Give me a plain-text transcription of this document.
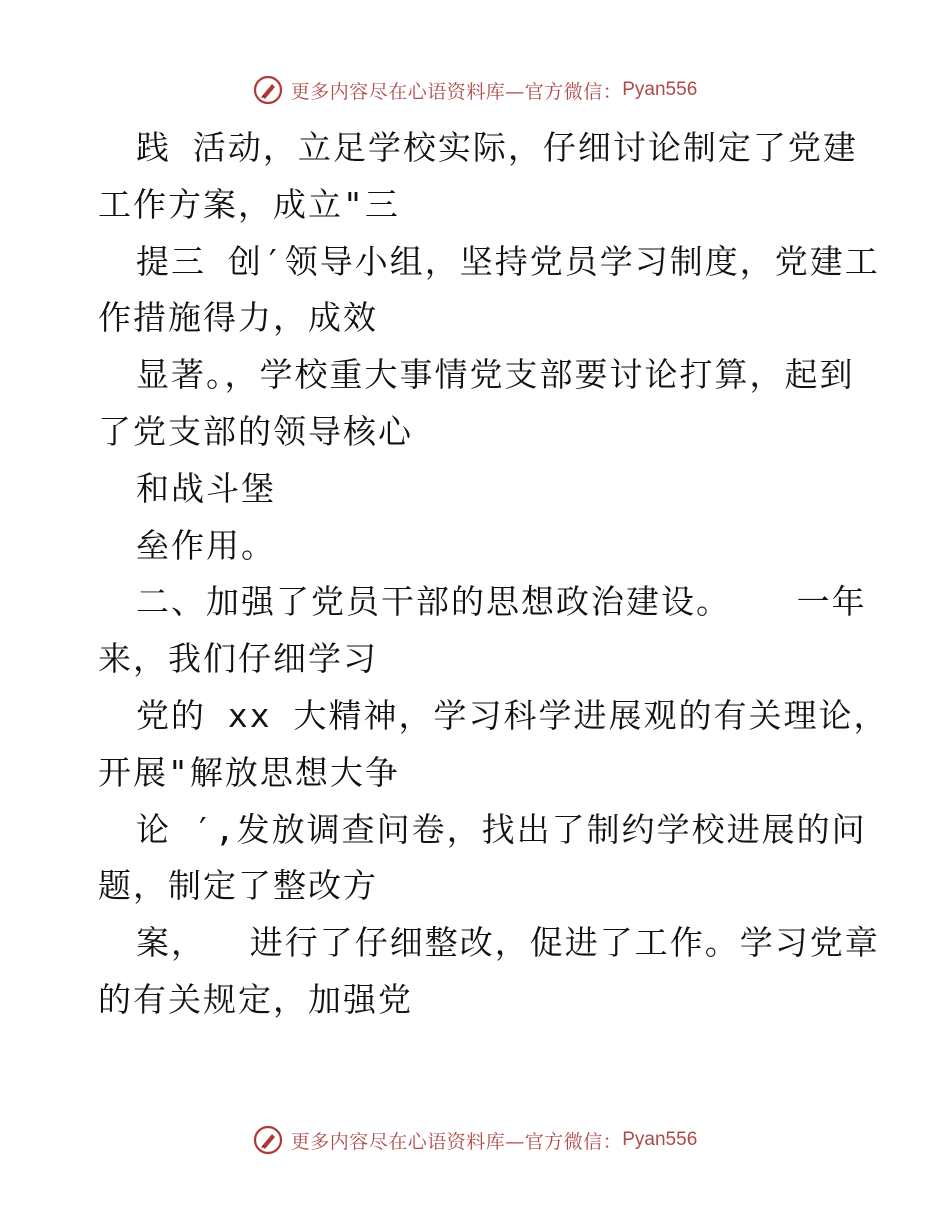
更多内容尽在心语资料库—官方微信： Pyan556
践 活动，立足学校实际，仔细讨论制定了党建
工作方案，成立"三
提三 创′领导小组，坚持党员学习制度，党建工
作措施得力，成效
显著。，学校重大事情党支部要讨论打算，起到
了党支部的领导核心
和战斗堡
垒作用。
二、加强了党员干部的思想政治建设。   一年
来，我们仔细学习
党的 xx 大精神，学习科学进展观的有关理论，
开展"解放思想大争
论 ′,发放调查问卷，找出了制约学校进展的问
题，制定了整改方
案，  进行了仔细整改，促进了工作。学习党章
的有关规定，加强党
更多内容尽在心语资料库—官方微信： Pyan556
